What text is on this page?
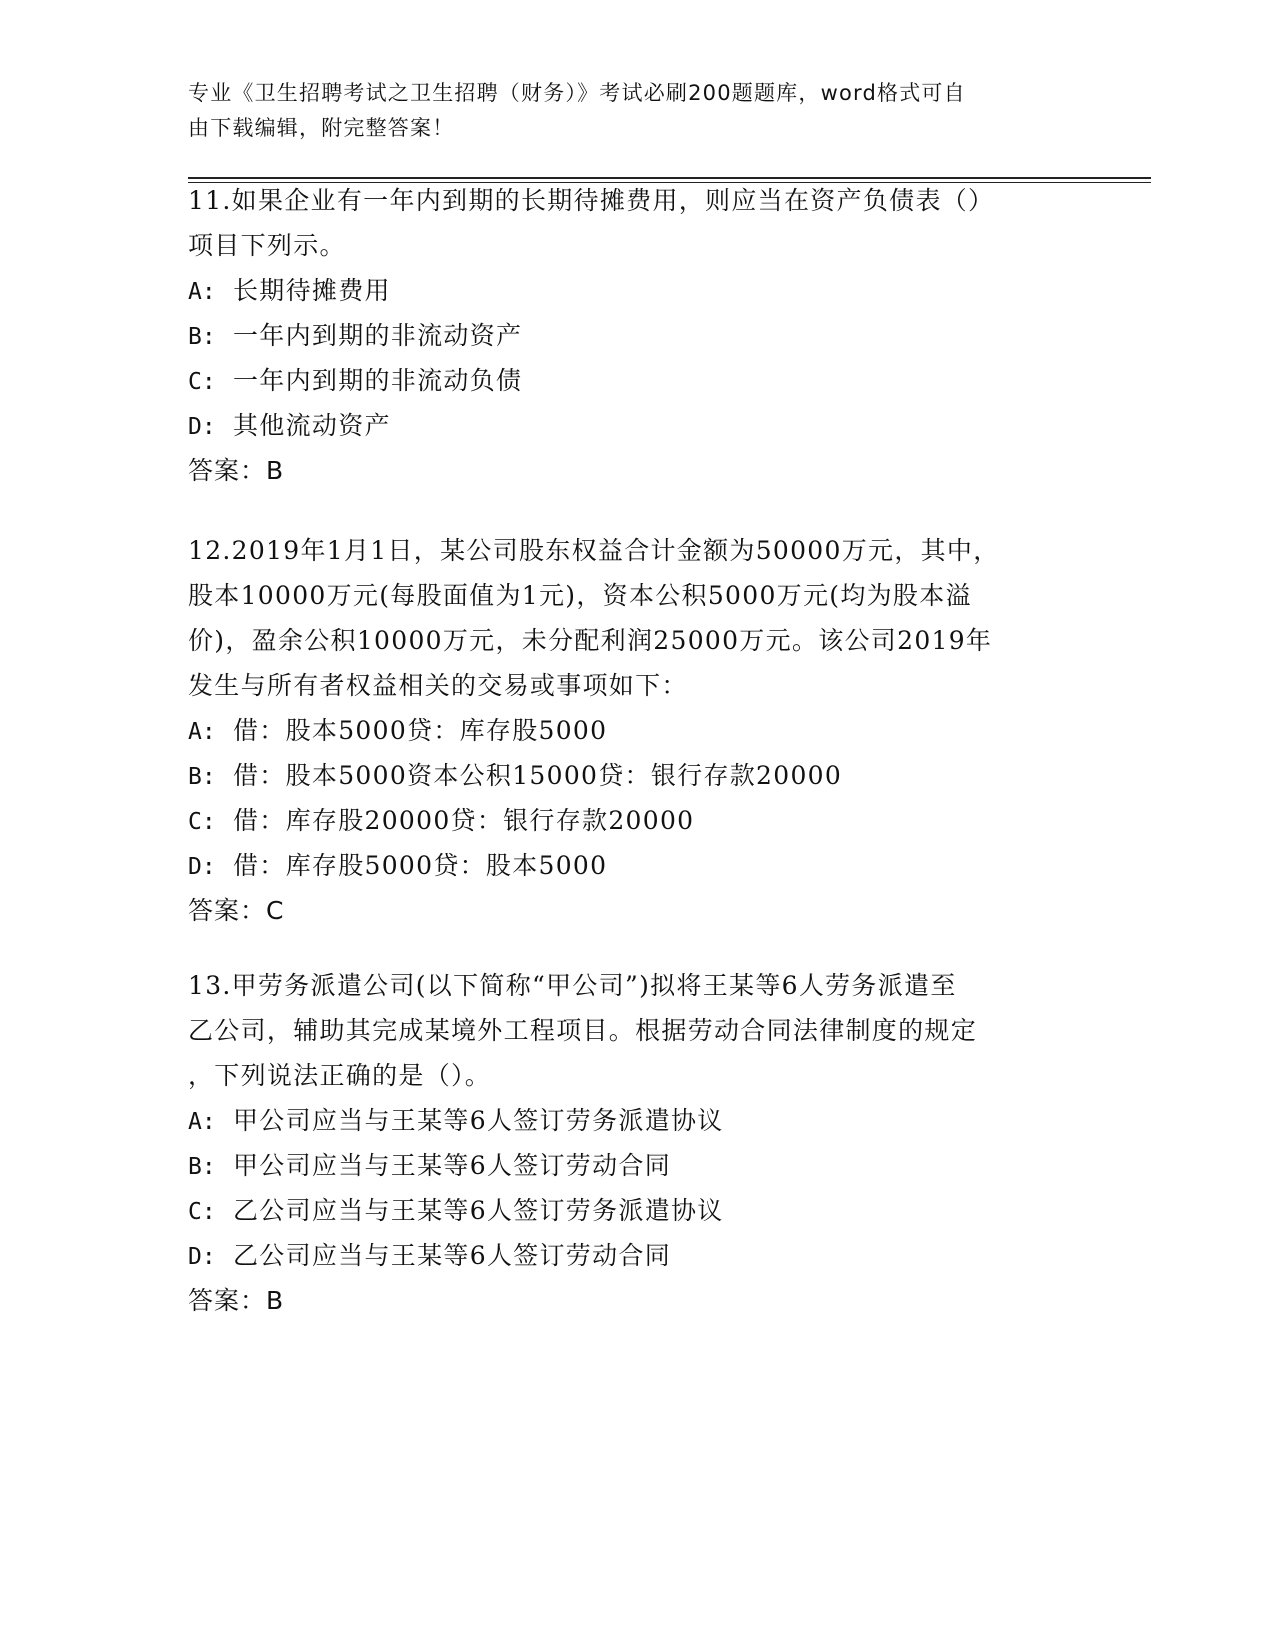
专业《卫生招聘考试之卫生招聘（财务）》考试必刷200题题库，word格式可自
由下载编辑，附完整答案！
11.如果企业有一年内到期的长期待摊费用，则应当在资产负债表（）
项目下列示。
A: 长期待摊费用
B: 一年内到期的非流动资产
C: 一年内到期的非流动负债
D: 其他流动资产
答案：B
12.2019年1月1日，某公司股东权益合计金额为50000万元，其中，
股本10000万元(每股面值为1元)，资本公积5000万元(均为股本溢
价)，盈余公积10000万元，未分配利润25000万元。该公司2019年
发生与所有者权益相关的交易或事项如下：
A: 借：股本5000贷：库存股5000
B: 借：股本5000资本公积15000贷：银行存款20000
C: 借：库存股20000贷：银行存款20000
D: 借：库存股5000贷：股本5000
答案：C
13.甲劳务派遣公司(以下简称“甲公司”)拟将王某等6人劳务派遣至
乙公司，辅助其完成某境外工程项目。根据劳动合同法律制度的规定
，下列说法正确的是（）。
A: 甲公司应当与王某等6人签订劳务派遣协议
B: 甲公司应当与王某等6人签订劳动合同
C: 乙公司应当与王某等6人签订劳务派遣协议
D: 乙公司应当与王某等6人签订劳动合同
答案：B
